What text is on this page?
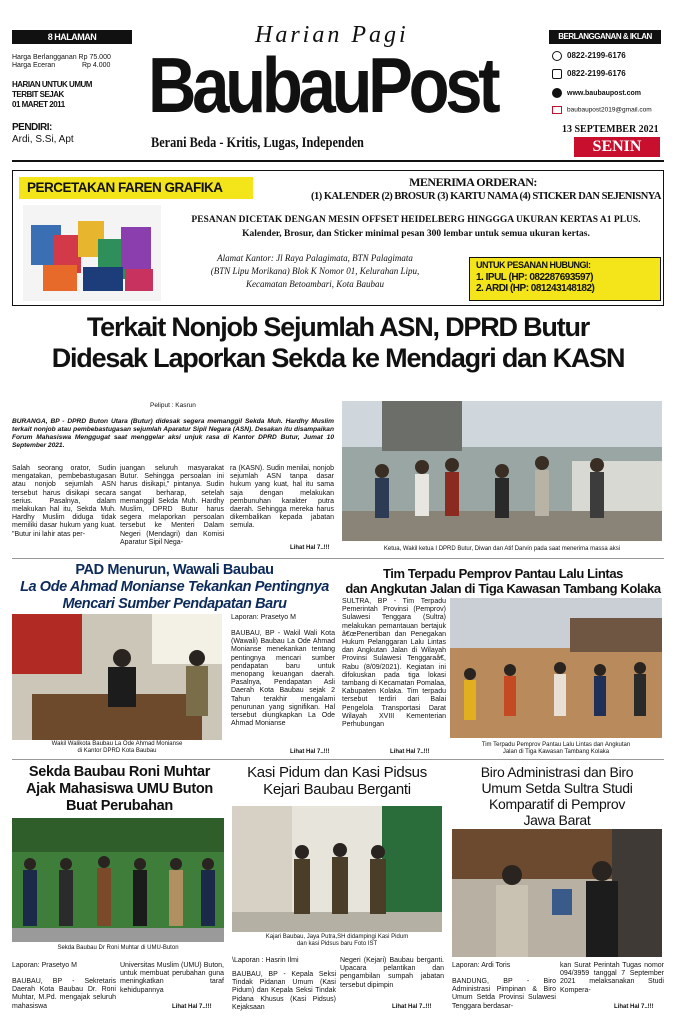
8 HALAMAN
Harga Berlangganan Rp 75.000
Harga Eceran	Rp 4.000
HARIAN UNTUK UMUM
TERBIT SEJAK
01 MARET 2011
PENDIRI:
Ardi, S.Si, Apt
Harian Pagi
BaubauPost
Berani Beda - Kritis, Lugas, Independen
BERLANGGANAN & IKLAN
0822-2199-6176
0822-2199-6176
www.baubaupost.com
baubaupost2019@gmail.com
13 SEPTEMBER 2021
SENIN
PERCETAKAN FAREN GRAFIKA	MENERIMA ORDERAN:
(1) KALENDER (2) BROSUR (3) KARTU NAMA (4) STICKER DAN SEJENISNYA
PESANAN DICETAK DENGAN MESIN OFFSET HEIDELBERG HINGGGA UKURAN KERTAS A1 PLUS.
Kalender, Brosur, dan Sticker minimal pesan 300 lembar untuk semua ukuran kertas.
Alamat Kantor: Jl Raya Palagimata, BTN Palagimata
(BTN Lipu Morikana) Blok K Nomor 01, Kelurahan Lipu,
Kecamatan Betoambari, Kota Baubau
UNTUK PESANAN HUBUNGI:
1. IPUL (HP: 082287693597)
2. ARDI (HP: 081243148182)
Terkait Nonjob Sejumlah ASN, DPRD Butur
Didesak Laporkan Sekda ke Mendagri dan KASN
Peliput : Kasrun
BURANGA, BP - DPRD Buton Utara (Butur) didesak segera memanggil Sekda Muh. Hardhy Muslim terkait nonjob atau pembebastugasan sejumlah Aparatur Sipil Negara (ASN). Desakan itu disampaikan Forum Mahasiswa Menggugat saat menggelar aksi unjuk rasa di Kantor DPRD Butur, Jumat 10 September 2021.
Salah seorang orator, Sudin mengatakan, pembebastugasan atau nonjob sejumlah ASN tersebut harus disikapi secara serius. Pasalnya, dalam melakukan hal itu, Sekda Muh. Hardhy Muslim diduga tidak memiliki dasar hukum yang kuat. "Butur ini lahir atas per-
juangan seluruh masyarakat Butur. Sehingga persoalan ini harus disikapi," pintanya. Sudin sangat berharap, setelah memanggil Sekda Muh. Hardhy Muslim, DPRD Butur harus segera melaporkan persoalan tersebut ke Menteri Dalam Negeri (Mendagri) dan Komisi Aparatur Sipil Nega-
ra (KASN). Sudin menilai, nonjob sejumlah ASN tanpa dasar hukum yang kuat, hal itu sama saja dengan melakukan pembunuhan karakter putra daerah. Sehingga mereka harus dikembalikan kepada jabatan semula.
Lihat Hal 7..!!!	Ketua, Wakil ketua I DPRD Butur, Diwan dan Atif Darvin pada saat menerima massa aksi
PAD Menurun, Wawali Baubau
La Ode Ahmad Monianse Tekankan Pentingnya
Mencari Sumber Pendapatan Baru
Wakil Walikota Baubau La Ode Ahmad Monianse
di Kantor DPRD Kota Baubau
Laporan: Prasetyo M
BAUBAU, BP - Wakil Wali Kota (Wawali) Baubau La Ode Ahmad Monianse menekankan tentang pentingnya mencari sumber pendapatan baru untuk menopang keuangan daerah. Pasalnya, Pendapatan Asli Daerah Kota Baubau sejak 2 Tahun terakhir mengalami penurunan yang signifikan. Hal tersebut diungkapkan La Ode Ahmad Monianse
Lihat Hal 7..!!!
Tim Terpadu Pemprov Pantau Lalu Lintas
dan Angkutan Jalan di Tiga Kawasan Tambang Kolaka
SULTRA, BP - Tim Terpadu Pemerintah Provinsi (Pemprov) Sulawesi Tenggara (Sultra) melakukan pemantauan bertajuk â€œPenertiban dan Penegakan Hukum Pelanggaran Lalu Lintas dan Angkutan Jalan di Wilayah Provinsi Sulawesi Tenggaraâ€, Rabu (8/09/2021). Kegiatan ini difokuskan pada tiga lokasi tambang di Kecamatan Pomalaa, Kabupaten Kolaka. Tim terpadu tersebut terdiri dari Balai Pengelola Transportasi Darat Wilayah XVIII Kementerian Perhubungan
Tim Terpadu Pemprov Pantau Lalu Lintas dan Angkutan
Jalan di Tiga Kawasan Tambang Kolaka
Lihat Hal 7..!!!
Sekda Baubau Roni Muhtar
Ajak Mahasiswa UMU Buton
Buat Perubahan
Sekda Baubau Dr Roni Muhtar di UMU-Buton
Laporan: Prasetyo M
BAUBAU, BP - Sekretaris Daerah Kota Baubau Dr. Roni Muhtar, M.Pd. mengajak seluruh mahasiswa
Universitas Muslim (UMU) Buton, untuk membuat perubahan guna meningkatkan taraf kehidupannya
Lihat Hal 7..!!!
Kasi Pidum dan Kasi Pidsus
Kejari Baubau Berganti
Kajari Baubau, Jaya Putra,SH didampingi Kasi Pidum
dan kasi Pidsus baru Foto IST
\Laporan : Hasrin Ilmi
BAUBAU, BP - Kepala Seksi Tindak Pidanan Umum (Kasi Pidum) dan Kepala Seksi Tindak Pidana Khusus (Kasi Pidsus) Kejaksaan
Negeri (Kejari) Baubau berganti. Upacara pelantikan dan pengambilan sumpah jabatan tersebut dipimpin
Lihat Hal 7..!!!
Biro Administrasi dan Biro
Umum Setda Sultra Studi
Komparatif di Pemprov
Jawa Barat
Laporan: Ardi Toris
BANDUNG, BP - Biro Administrasi Pimpinan & Biro Umum Setda Provinsi Sulawesi Tenggara berdasar-
kan Surat Perintah Tugas nomor 094/3959 tanggal 7 September 2021 melaksanakan Studi Kompera-
Lihat Hal 7..!!!
